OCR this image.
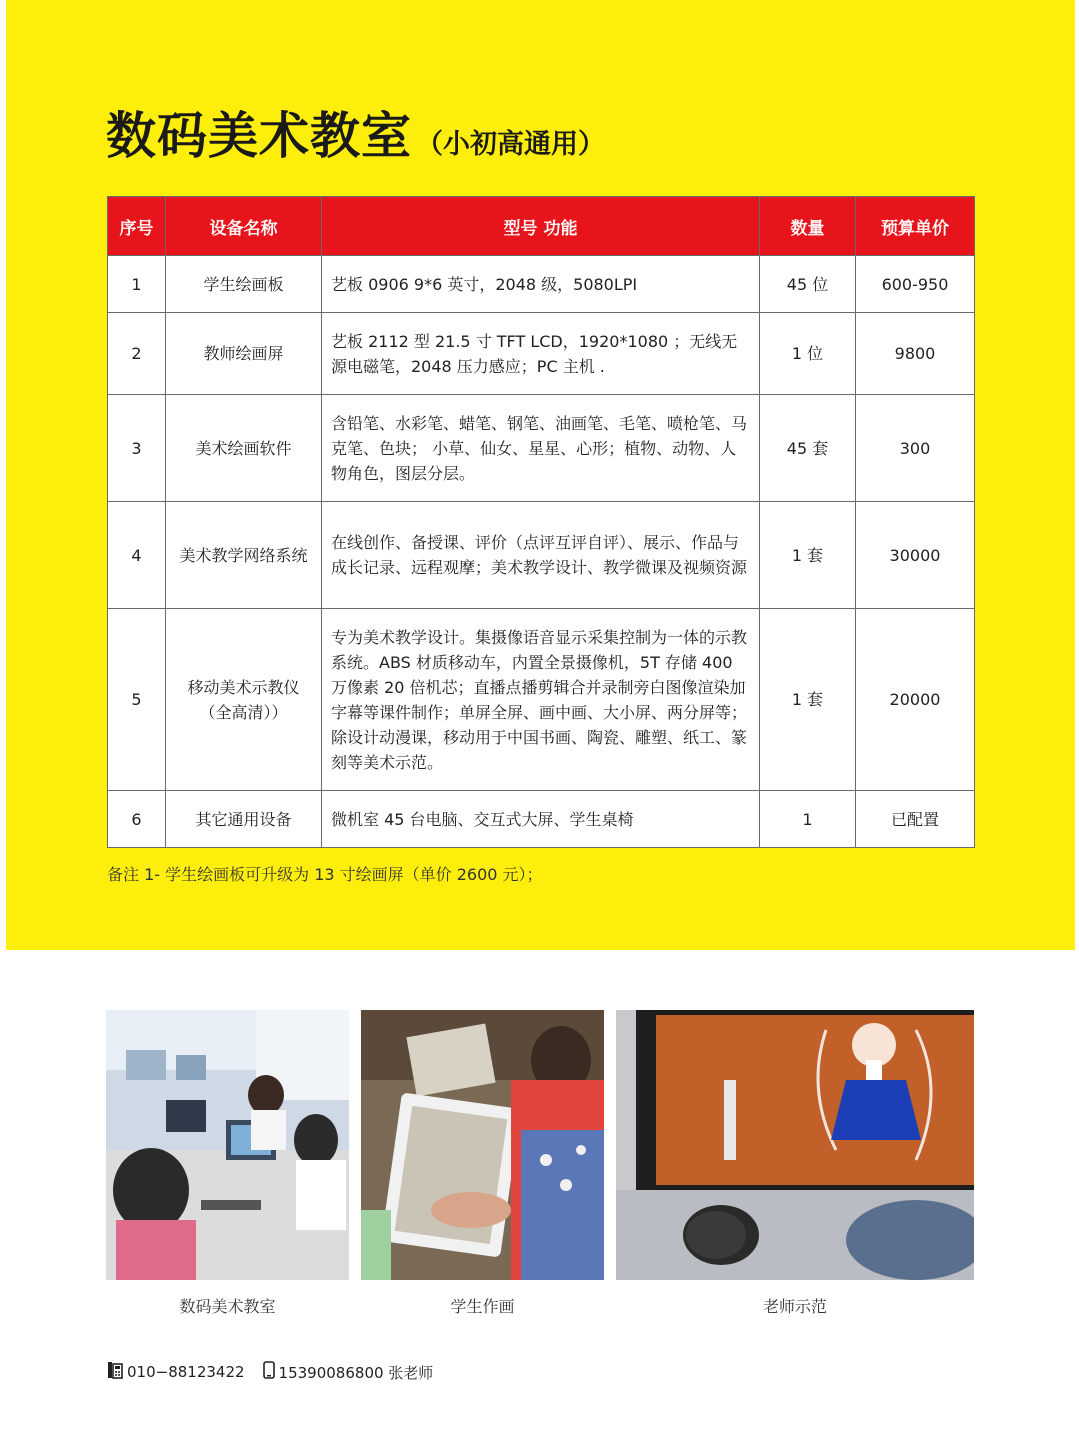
数码美术教室 （小初高通用）
序号	设备名称	型号 功能	数量	预算单价
1	学生绘画板	艺板 0906 9*6 英寸，2048 级，5080LPI	45 位	600-950
2	教师绘画屏	艺板 2112 型 21.5 寸 TFT LCD，1920*1080 ；无线无源电磁笔，2048 压力感应；PC 主机 .	1 位	9800
3	美术绘画软件	含铅笔、水彩笔、蜡笔、钢笔、油画笔、毛笔、喷枪笔、马克笔、色块； 小草、仙女、星星、心形；植物、动物、人物角色，图层分层。	45 套	300
4	美术教学网络系统	在线创作、备授课、评价（点评互评自评）、展示、作品与成长记录、远程观摩；美术教学设计、教学微课及视频资源	1 套	30000
5	移动美术示教仪（全高清））	专为美术教学设计。集摄像语音显示采集控制为一体的示教系统。ABS 材质移动车，内置全景摄像机，5T 存储 400 万像素 20 倍机芯；直播点播剪辑合并录制旁白图像渲染加字幕等课件制作；单屏全屏、画中画、大小屏、两分屏等；除设计动漫课，移动用于中国书画、陶瓷、雕塑、纸工、篆刻等美术示范。	1 套	20000
6	其它通用设备	微机室 45 台电脑、交互式大屏、学生桌椅	1	已配置
备注 1- 学生绘画板可升级为 13 寸绘画屏（单价 2600 元）；
数码美术教室	学生作画	老师示范
010−88123422 15390086800 张老师
